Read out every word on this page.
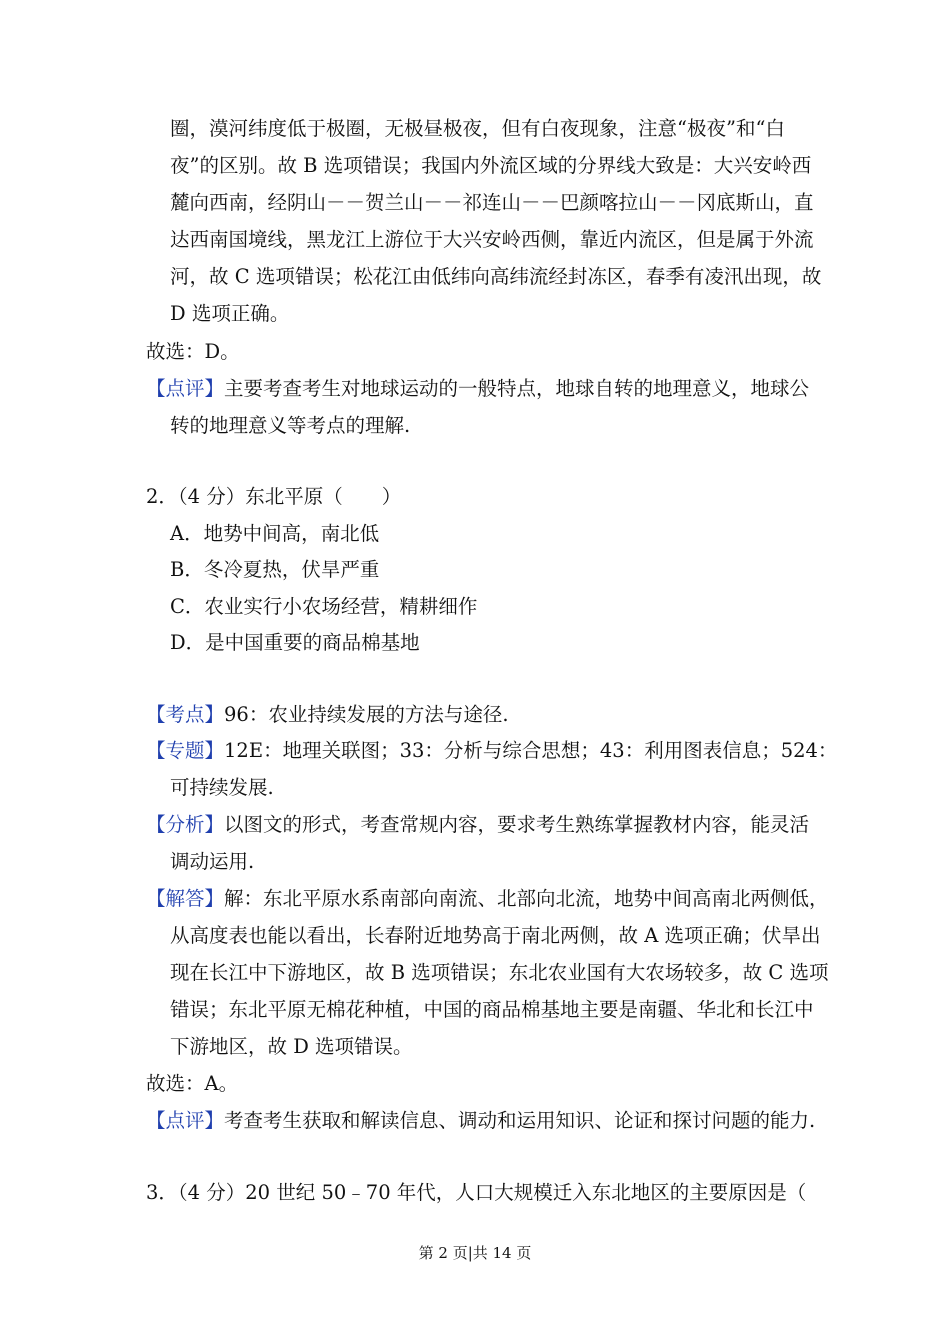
圈，漠河纬度低于极圈，无极昼极夜，但有白夜现象，注意“极夜”和“白
夜”的区别。故 B 选项错误；我国内外流区域的分界线大致是：大兴安岭西
麓向西南，经阴山－－贺兰山－－祁连山－－巴颜喀拉山－－冈底斯山，直
达西南国境线，黑龙江上游位于大兴安岭西侧，靠近内流区，但是属于外流
河，故 C 选项错误；松花江由低纬向高纬流经封冻区，春季有凌汛出现，故
D 选项正确。
故选：D。
【点评】主要考查考生对地球运动的一般特点，地球自转的地理意义，地球公
转的地理意义等考点的理解.
2．（4 分）东北平原（　　）
A．地势中间高，南北低
B．冬冷夏热，伏旱严重
C．农业实行小农场经营，精耕细作
D．是中国重要的商品棉基地
【考点】96：农业持续发展的方法与途径.
【专题】12E：地理关联图；33：分析与综合思想；43：利用图表信息；524：
可持续发展.
【分析】以图文的形式，考查常规内容，要求考生熟练掌握教材内容，能灵活
调动运用.
【解答】解：东北平原水系南部向南流、北部向北流，地势中间高南北两侧低，
从高度表也能以看出，长春附近地势高于南北两侧，故 A 选项正确；伏旱出
现在长江中下游地区，故 B 选项错误；东北农业国有大农场较多，故 C 选项
错误；东北平原无棉花种植，中国的商品棉基地主要是南疆、华北和长江中
下游地区，故 D 选项错误。
故选：A。
【点评】考查考生获取和解读信息、调动和运用知识、论证和探讨问题的能力.
3．（4 分）20 世纪 50﹣70 年代，人口大规模迁入东北地区的主要原因是（
第 2 页|共 14 页
